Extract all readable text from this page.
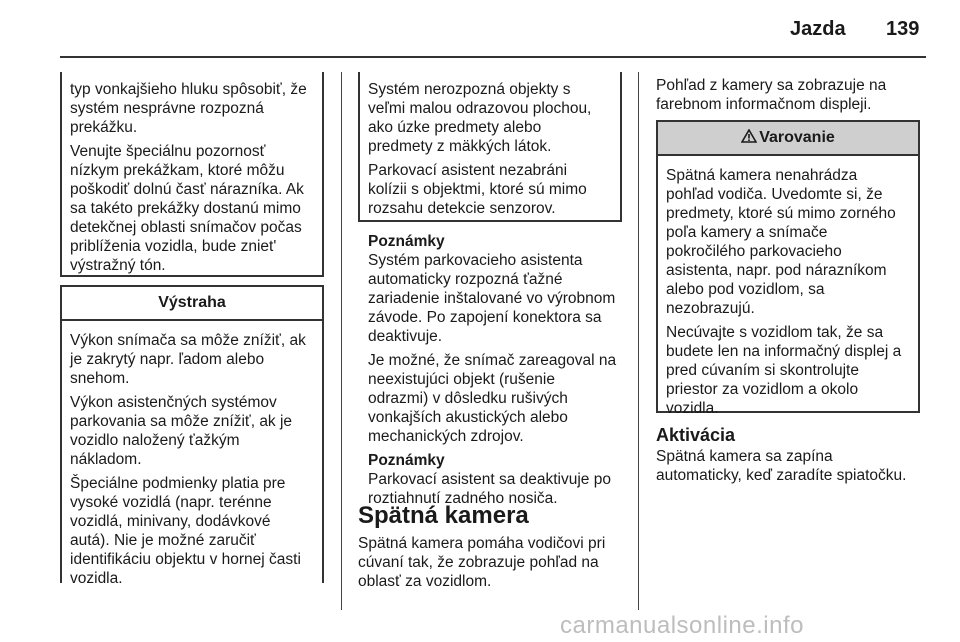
Jazda 139

typ vonkajšieho hluku spôsobiť, že
systém nesprávne rozpozná
prekážku.

Venujte špeciálnu pozornosť
nízkym prekážkam, ktoré môžu
poškodiť dolnú časť nárazníka. Ak
sa takéto prekážky dostanú mimo
detekčnej oblasti snímačov počas
priblíženia vozidla, bude zniet'
výstražný tón.

Výstraha

Výkon snímača sa môže znížiť, ak
je zakrytý napr. ľadom alebo
snehom.

Výkon asistenčných systémov
parkovania sa môže znížiť, ak je
vozidlo naložený ťažkým
nákladom.

Špeciálne podmienky platia pre
vysoké vozidlá (napr. terénne
vozidlá, minivany, dodávkové
autá). Nie je možné zaručiť
identifikáciu objektu v hornej časti
vozidla.

Systém nerozpozná objekty s
veľmi malou odrazovou plochou,
ako úzke predmety alebo
predmety z mäkkých látok.

Parkovací asistent nezabráni
kolízii s objektmi, ktoré sú mimo
rozsahu detekcie senzorov.

Poznámky

Systém parkovacieho asistenta
automaticky rozpozná ťažné
zariadenie inštalované vo výrobnom
závode. Po zapojení konektora sa
deaktivuje.

Je možné, že snímač zareagoval na
neexistujúci objekt (rušenie
odrazmi) v dôsledku rušivých
vonkajších akustických alebo
mechanických zdrojov.

Poznámky

Parkovací asistent sa deaktivuje po
roztiahnutí zadného nosiča.

Spätná kamera
Spätná kamera pomáha vodičovi pri
cúvaní tak, že zobrazuje pohľad na
oblasť za vozidlom.
Pohľad z kamery sa zobrazuje na
farebnom informačnom displeji.
Varovanie

Spätná kamera nenahrádza
pohľad vodiča. Uvedomte si, že
predmety, ktoré sú mimo zorného
poľa kamery a snímače
pokročilého parkovacieho
asistenta, napr. pod nárazníkom
alebo pod vozidlom, sa
nezobrazujú.

Necúvajte s vozidlom tak, že sa
budete len na informačný displej a
pred cúvaním si skontrolujte
priestor za vozidlom a okolo
vozidla.

Aktivácia
Spätná kamera sa zapína
automaticky, keď zaradíte spiatočku.
carmanualsonline.info
